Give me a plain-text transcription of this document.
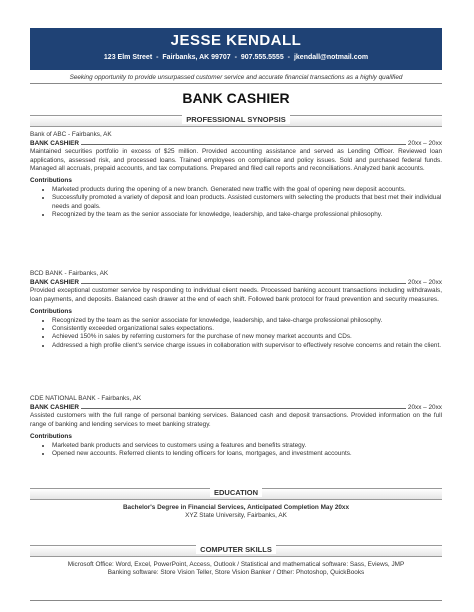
JESSE KENDALL
123 Elm Street - Fairbanks, AK 99707 - 907.555.5555 - jkendall@notmail.com
Seeking opportunity to provide unsurpassed customer service and accurate financial transactions as a highly qualified
BANK CASHIER
PROFESSIONAL SYNOPSIS
Bank of ABC - Fairbanks, AK
BANK CASHIER	20xx – 20xx
Maintained securities portfolio in excess of $25 million. Provided accounting assistance and served as Lending Officer. Reviewed loan applications, assessed risk, and processed loans. Trained employees on compliance and policy issues. Sold and purchased federal funds. Managed all accruals, prepaid accounts, and tax computations. Prepared and filed call reports and reconciliations. Analyzed bank accounts.
Contributions
• Marketed products during the opening of a new branch. Generated new traffic with the goal of opening new deposit accounts.
• Successfully promoted a variety of deposit and loan products. Assisted customers with selecting the products that best met their individual needs and goals.
• Recognized by the team as the senior associate for knowledge, leadership, and take-charge professional philosophy.
BCD BANK - Fairbanks, AK
BANK CASHIER	20xx – 20xx
Provided exceptional customer service by responding to individual client needs. Processed banking account transactions including withdrawals, loan payments, and deposits. Balanced cash drawer at the end of each shift. Followed bank protocol for fraud prevention and security measures.
Contributions
• Recognized by the team as the senior associate for knowledge, leadership, and take-charge professional philosophy.
• Consistently exceeded organizational sales expectations.
• Achieved 150% in sales by referring customers for the purchase of new money market accounts and CDs.
• Addressed a high profile client's service charge issues in collaboration with supervisor to effectively resolve concerns and retain the client.
CDE NATIONAL BANK - Fairbanks, AK
BANK CASHIER	20xx – 20xx
Assisted customers with the full range of personal banking services. Balanced cash and deposit transactions. Provided information on the full range of banking and lending services to meet banking strategy.
Contributions
• Marketed bank products and services to customers using a features and benefits strategy.
• Opened new accounts. Referred clients to lending officers for loans, mortgages, and investment accounts.
EDUCATION
Bachelor's Degree in Financial Services, Anticipated Completion May 20xx
XYZ State University, Fairbanks, AK
COMPUTER SKILLS
Microsoft Office: Word, Excel, PowerPoint, Access, Outlook / Statistical and mathematical software: Sass, Eviews, JMP
Banking software: Store Vision Teller, Store Vision Banker / Other: Photoshop, QuickBooks
